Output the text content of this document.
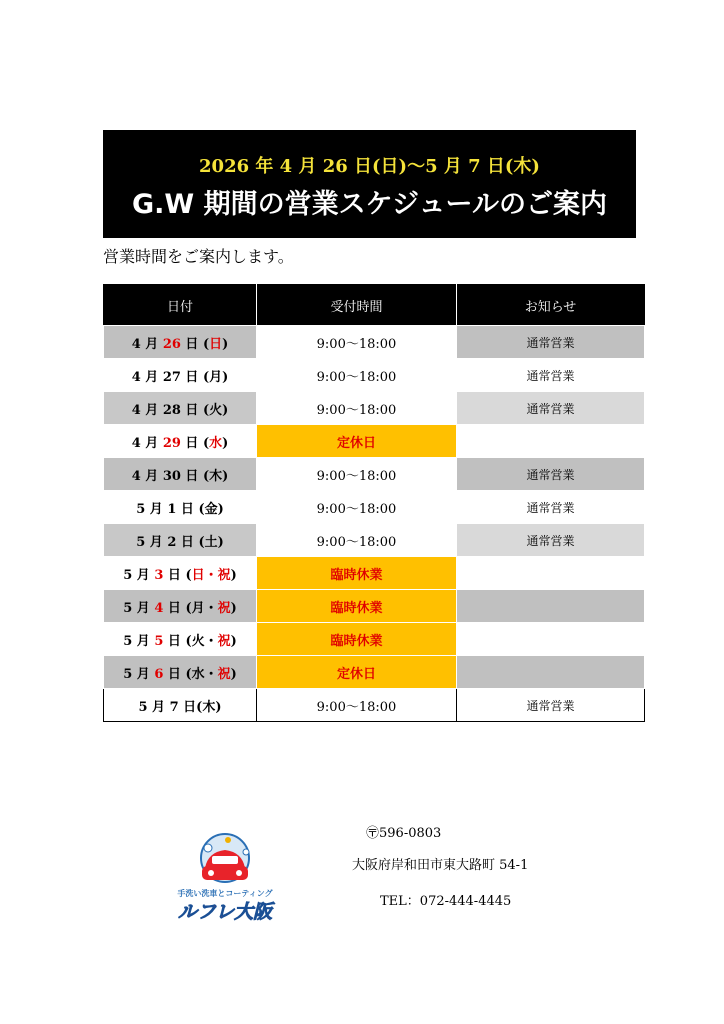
2026 年 4 月 26 日(日)～5 月 7 日(木)
G.W 期間の営業スケジュールのご案内
営業時間をご案内します。
日付	受付時間	お知らせ
4 月 26 日 (日)	9:00～18:00	通常営業
4 月 27 日 (月)	9:00～18:00	通常営業
4 月 28 日 (火)	9:00～18:00	通常営業
4 月 29 日 (水)	定休日	
4 月 30 日 (木)	9:00～18:00	通常営業
5 月 1 日 (金)	9:00～18:00	通常営業
5 月 2 日 (土)	9:00～18:00	通常営業
5 月 3 日 (日・祝)	臨時休業	
5 月 4 日 (月・祝)	臨時休業	
5 月 5 日 (火・祝)	臨時休業	
5 月 6 日 (水・祝)	定休日	
5 月 7 日(木)	9:00～18:00	通常営業
手洗い洗車とコーティング
ルフレ大阪
〶596-0803
大阪府岸和田市東大路町 54-1
TEL：072-444-4445
